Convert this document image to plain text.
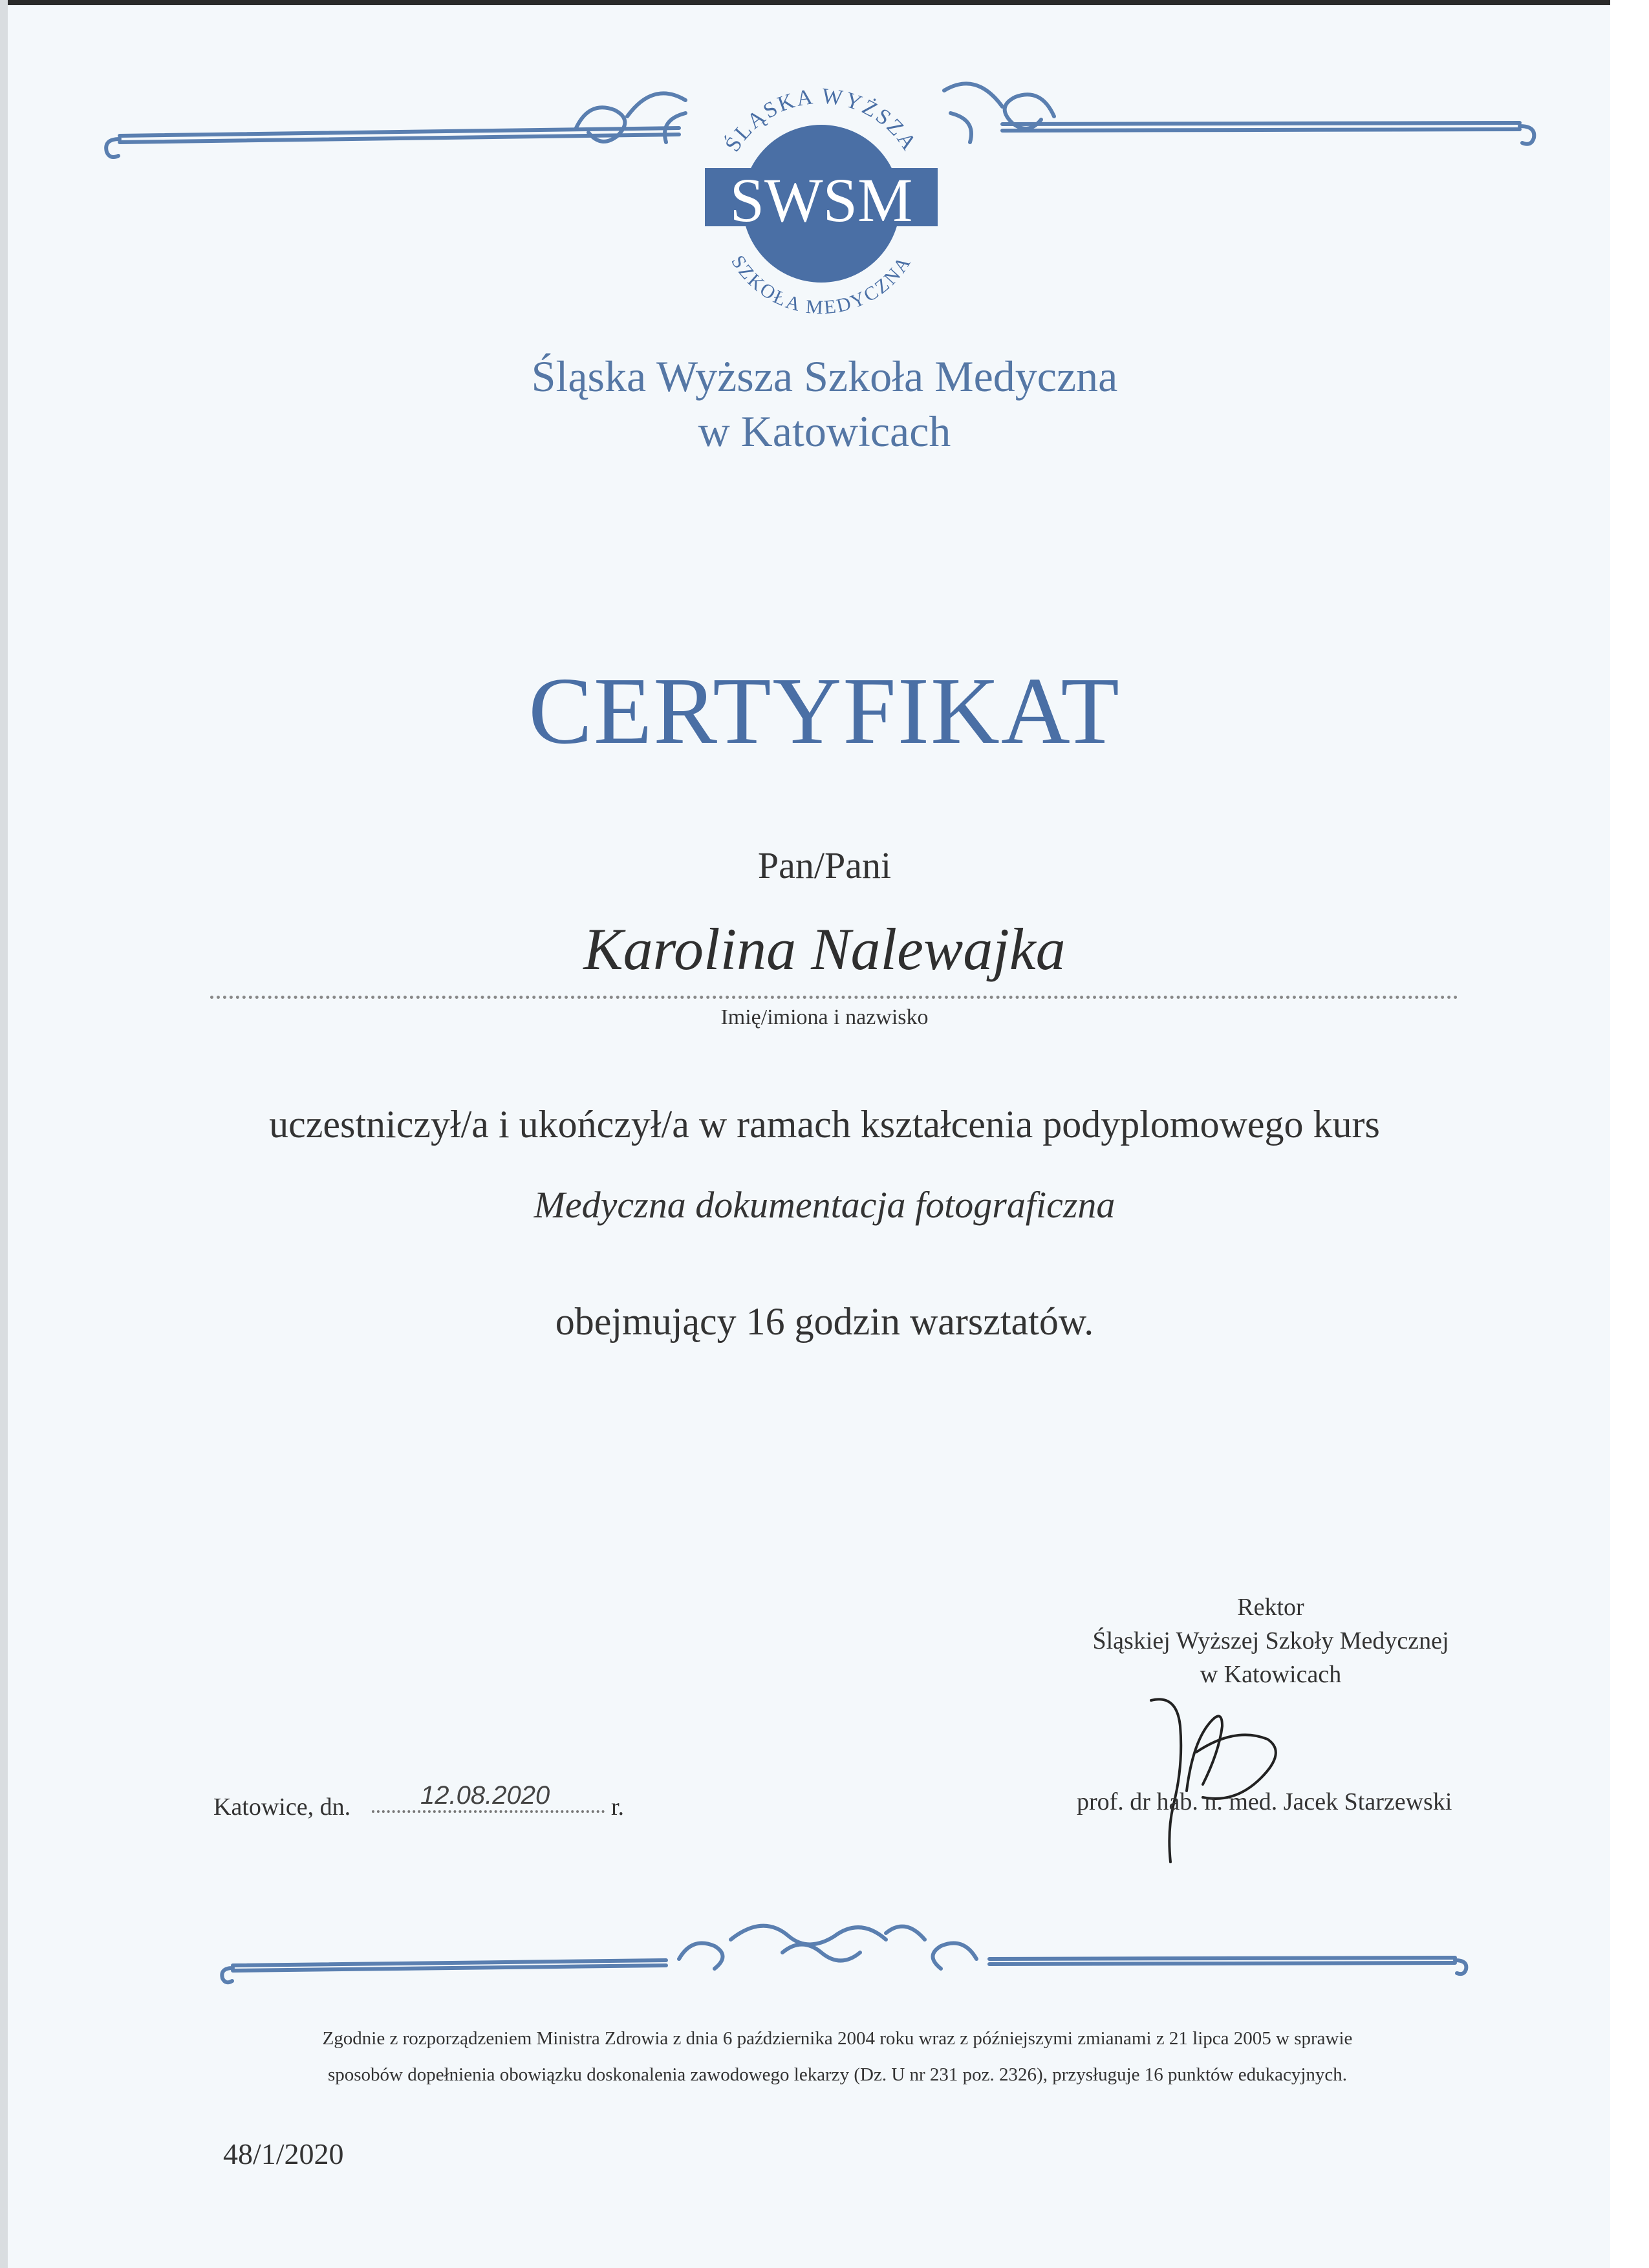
SWSM
ŚLĄSKA WYŻSZA
SZKOŁA MEDYCZNA
Śląska Wyższa Szkoła Medyczna
w Katowicach
CERTYFIKAT
Pan/Pani
Karolina Nalewajka
Imię/imiona i nazwisko
uczestniczył/a i ukończył/a w ramach kształcenia podyplomowego kurs
Medyczna dokumentacja fotograficzna
obejmujący 16 godzin warsztatów.
Rektor
Śląskiej Wyższej Szkoły Medycznej
w Katowicach
Katowice, dn.	12.08.2020 r.	prof. dr hab. n. med. Jacek Starzewski
Zgodnie z rozporządzeniem Ministra Zdrowia z dnia 6 października 2004 roku wraz z późniejszymi zmianami z 21 lipca 2005 w sprawie
sposobów dopełnienia obowiązku doskonalenia zawodowego lekarzy (Dz. U nr 231 poz. 2326), przysługuje 16 punktów edukacyjnych.
48/1/2020
